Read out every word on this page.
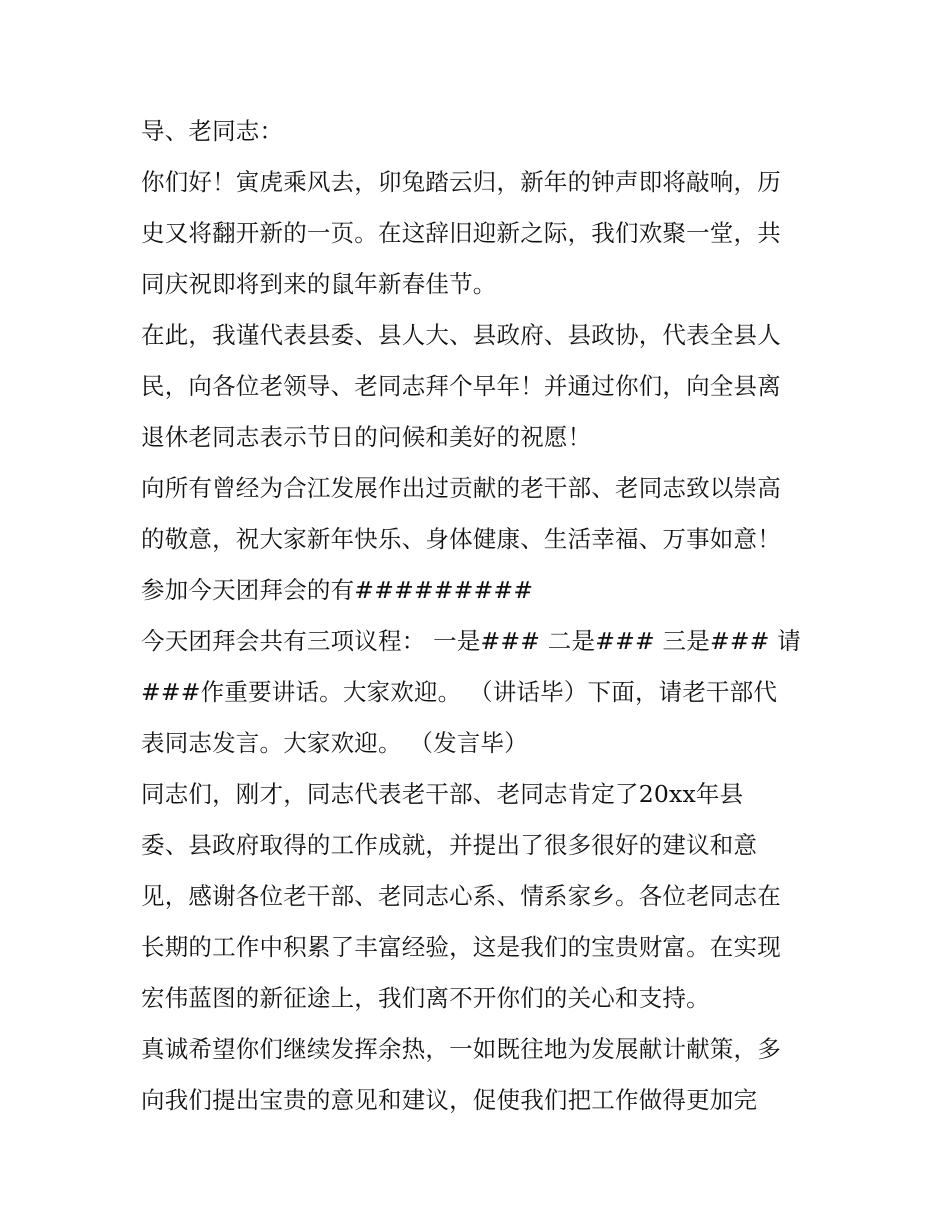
导、老同志：
你们好！寅虎乘风去，卯兔踏云归，新年的钟声即将敲响，历
史又将翻开新的一页。在这辞旧迎新之际，我们欢聚一堂，共
同庆祝即将到来的鼠年新春佳节。
在此，我谨代表县委、县人大、县政府、县政协，代表全县人
民，向各位老领导、老同志拜个早年！并通过你们，向全县离
退休老同志表示节日的问候和美好的祝愿！
向所有曾经为合江发展作出过贡献的老干部、老同志致以崇高
的敬意，祝大家新年快乐、身体健康、生活幸福、万事如意！
参加今天团拜会的有#########
今天团拜会共有三项议程： 一是### 二是### 三是### 请
###作重要讲话。大家欢迎。 （讲话毕）下面，请老干部代
表同志发言。大家欢迎。 （发言毕）
同志们，刚才，同志代表老干部、老同志肯定了20xx年县
委、县政府取得的工作成就，并提出了很多很好的建议和意
见，感谢各位老干部、老同志心系、情系家乡。各位老同志在
长期的工作中积累了丰富经验，这是我们的宝贵财富。在实现
宏伟蓝图的新征途上，我们离不开你们的关心和支持。
真诚希望你们继续发挥余热，一如既往地为发展献计献策，多
向我们提出宝贵的意见和建议，促使我们把工作做得更加完
